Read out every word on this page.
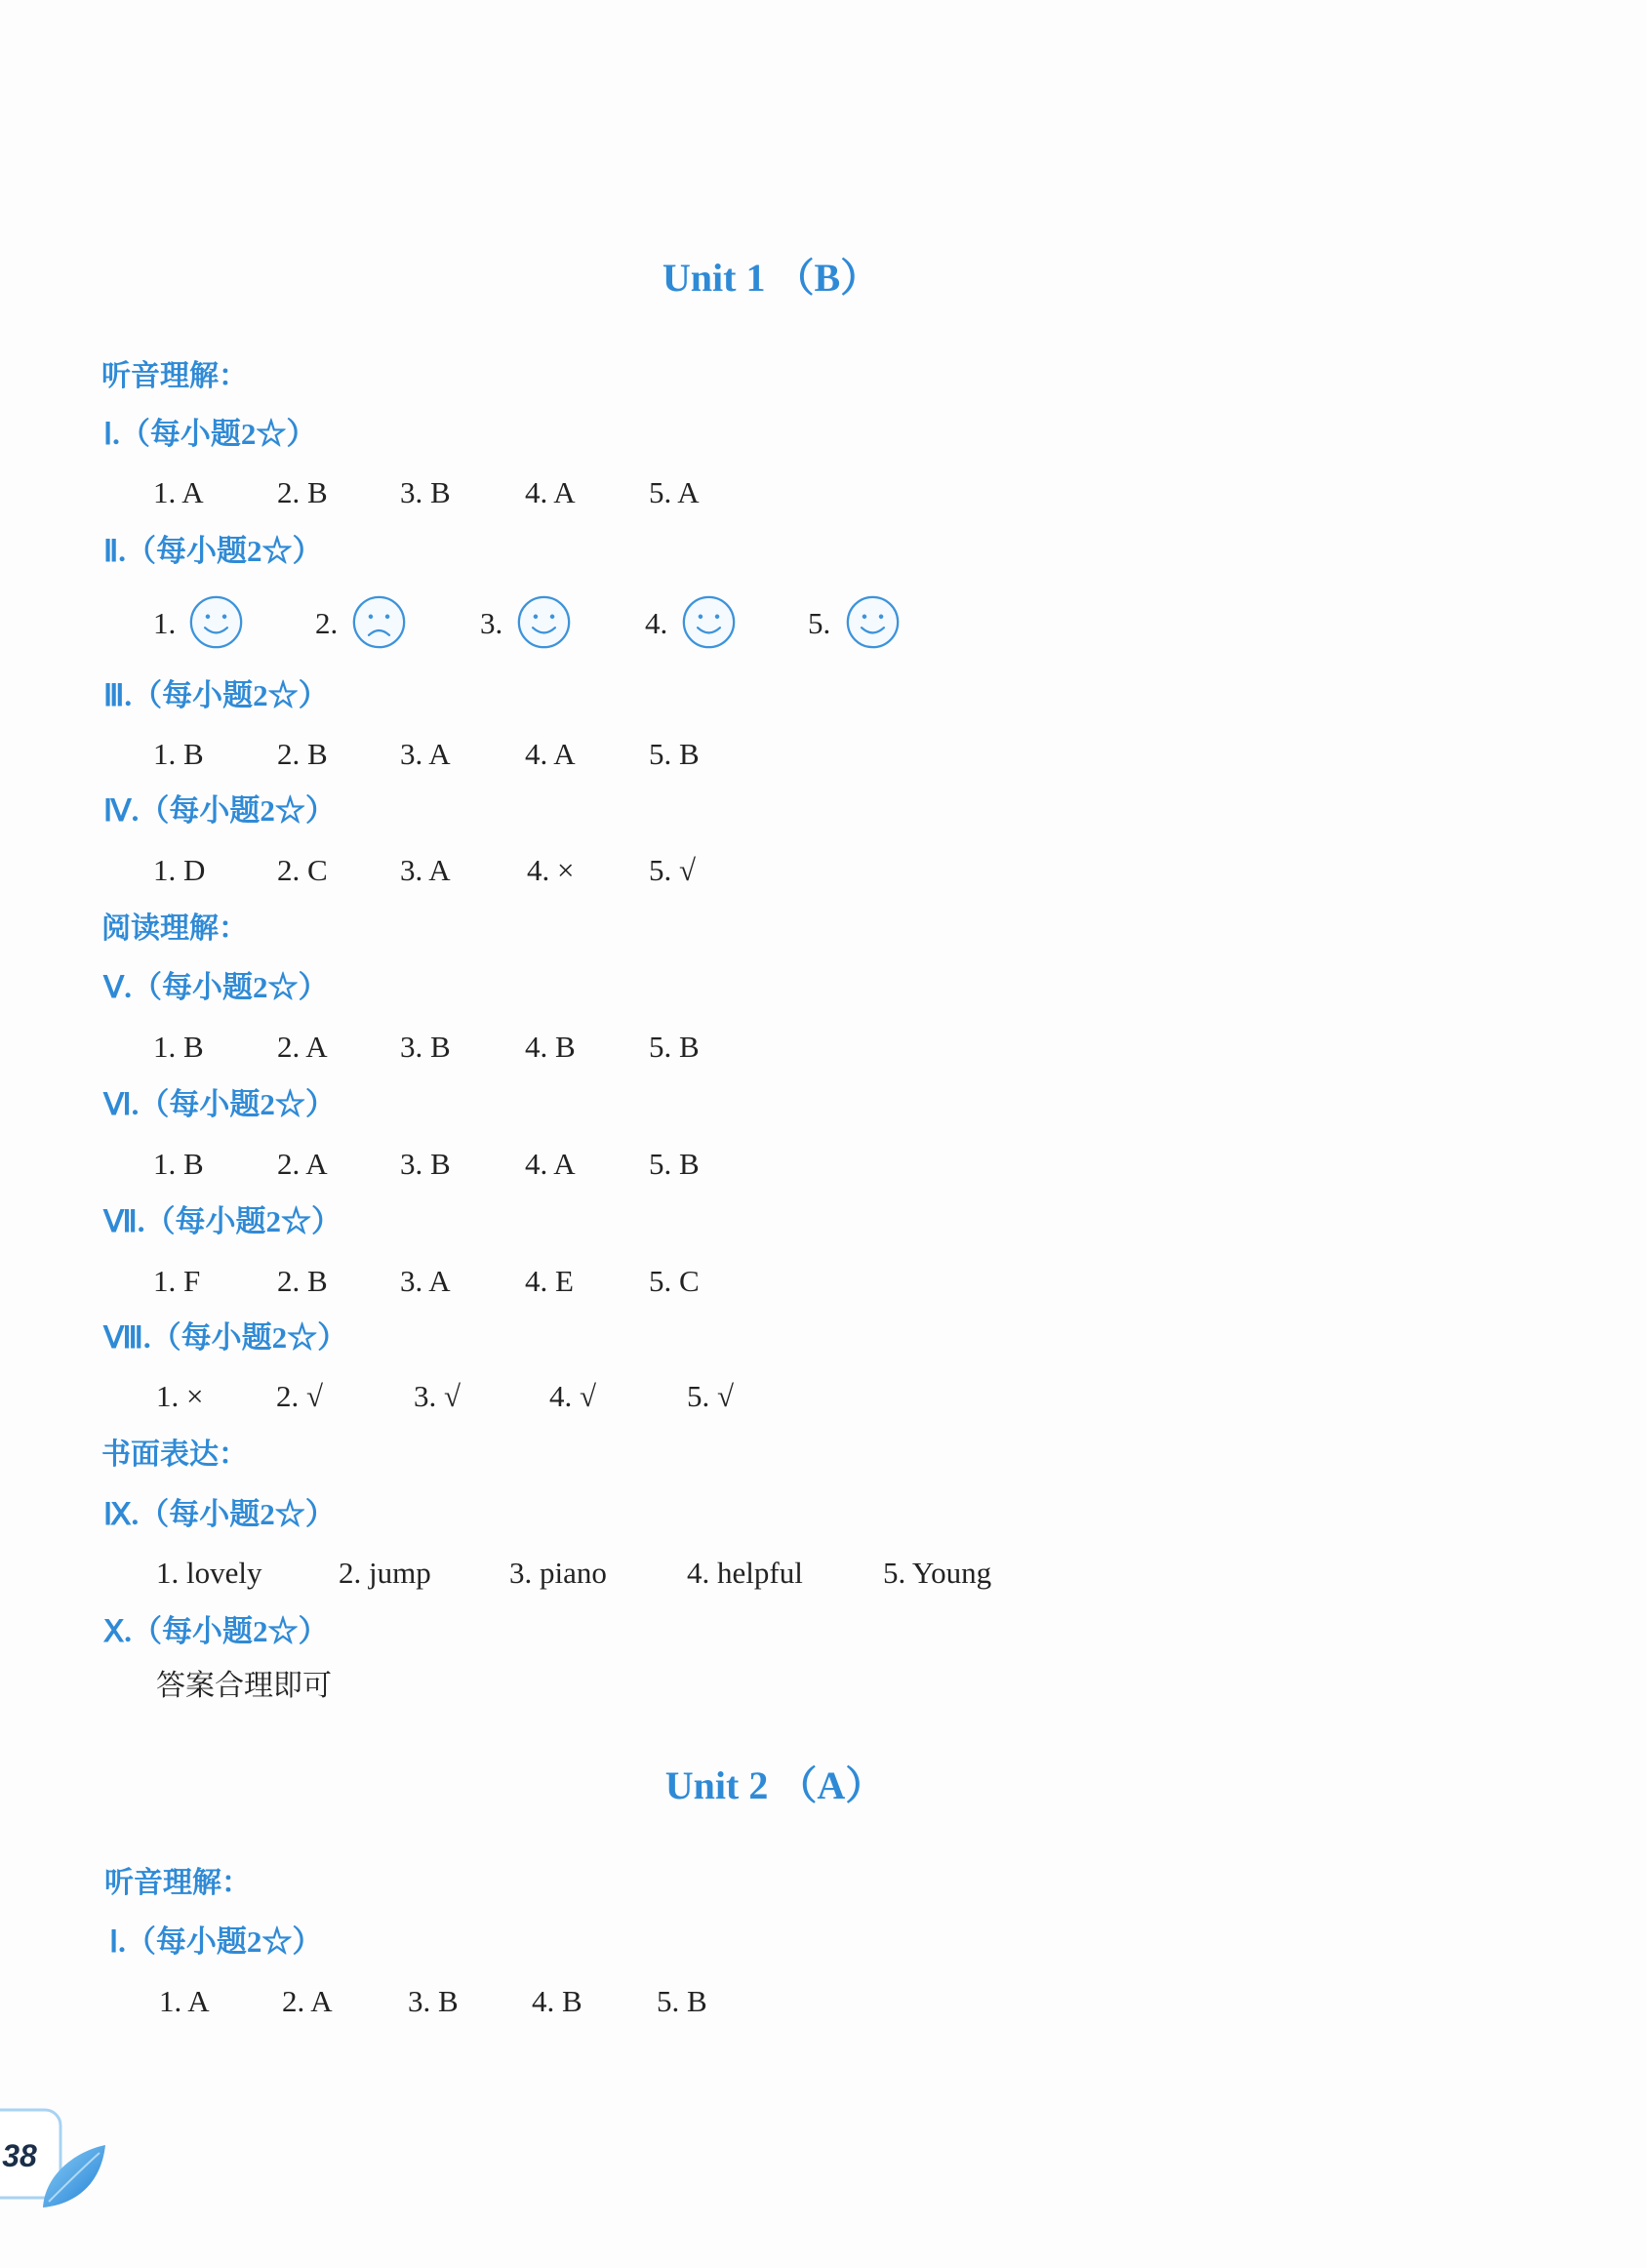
Unit 1 （B）
听音理解：
Ⅰ.（每小题2☆）
1. A 2. B 3. B 4. A 5. A
Ⅱ.（每小题2☆）
1.	2.	3.	4.	5.
Ⅲ.（每小题2☆）
1. B 2. B 3. A 4. A 5. B
Ⅳ.（每小题2☆）
1. D 2. C 3. A	4. × 5. √
阅读理解：
Ⅴ.（每小题2☆）
1. B 2. A 3. B 4. B 5. B
Ⅵ.（每小题2☆）
1. B 2. A 3. B 4. A 5. B
Ⅶ.（每小题2☆）
1. F	2. B 3. A 4. E 5. C
Ⅷ.（每小题2☆）
1. × 2. √	3. √	4. √	5. √
书面表达：
Ⅸ.（每小题2☆）
1. lovely	2. jump	3. piano	4. helpful	5. Young
Ⅹ.（每小题2☆）
答案合理即可
Unit 2 （A）
听音理解：
Ⅰ.（每小题2☆）
1. A 2. A 3. B 4. B 5. B
38
